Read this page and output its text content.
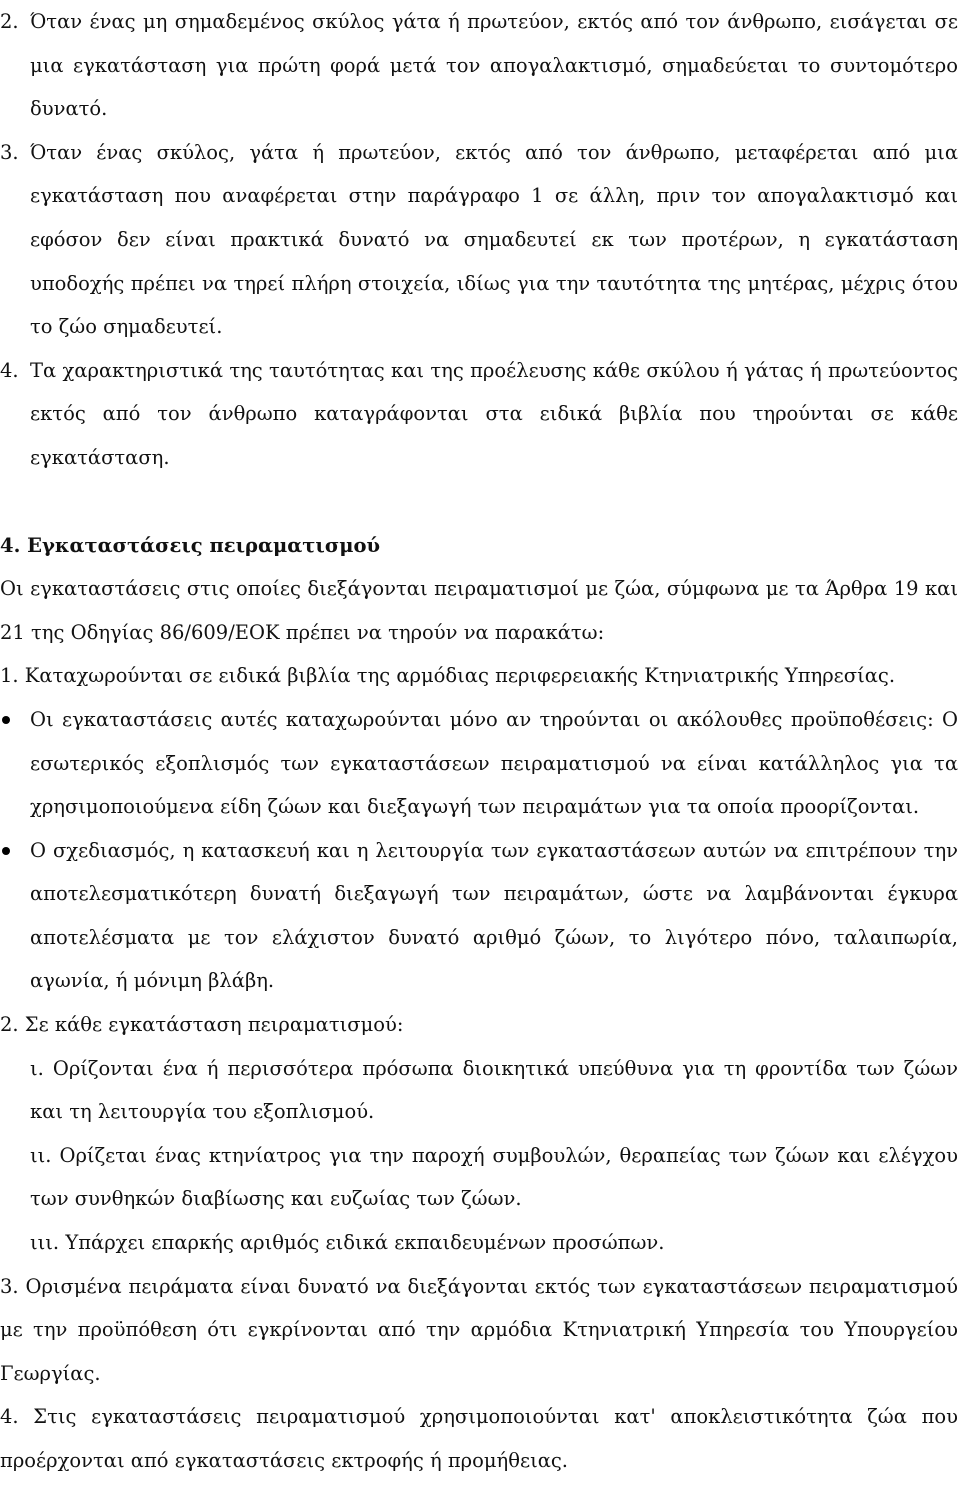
2. Όταν ένας μη σημαδεμένος σκύλος γάτα ή πρωτεύον, εκτός από τον άνθρωπο, εισάγεται σε μια εγκατάσταση για πρώτη φορά μετά τον απογαλακτισμό, σημαδεύεται το συντομότερο δυνατό.
3. Όταν ένας σκύλος, γάτα ή πρωτεύον, εκτός από τον άνθρωπο, μεταφέρεται από μια εγκατάσταση που αναφέρεται στην παράγραφο 1 σε άλλη, πριν τον απογαλακτισμό και εφόσον δεν είναι πρακτικά δυνατό να σημαδευτεί εκ των προτέρων, η εγκατάσταση υποδοχής πρέπει να τηρεί πλήρη στοιχεία, ιδίως για την ταυτότητα της μητέρας, μέχρις ότου το ζώο σημαδευτεί.
4. Τα χαρακτηριστικά της ταυτότητας και της προέλευσης κάθε σκύλου ή γάτας ή πρωτεύοντος εκτός από τον άνθρωπο καταγράφονται στα ειδικά βιβλία που τηρούνται σε κάθε εγκατάσταση.

4. Εγκαταστάσεις πειραματισμού

Οι εγκαταστάσεις στις οποίες διεξάγονται πειραματισμοί με ζώα, σύμφωνα με τα Άρθρα 19 και 21 της Οδηγίας 86/609/ΕΟΚ πρέπει να τηρούν να παρακάτω:

1. Καταχωρούνται σε ειδικά βιβλία της αρμόδιας περιφερειακής Κτηνιατρικής Υπηρεσίας.

Οι εγκαταστάσεις αυτές καταχωρούνται μόνο αν τηρούνται οι ακόλουθες προϋποθέσεις: Ο εσωτερικός εξοπλισμός των εγκαταστάσεων πειραματισμού να είναι κατάλληλος για τα χρησιμοποιούμενα είδη ζώων και διεξαγωγή των πειραμάτων για τα οποία προορίζονται.
Ο σχεδιασμός, η κατασκευή και η λειτουργία των εγκαταστάσεων αυτών να επιτρέπουν την αποτελεσματικότερη δυνατή διεξαγωγή των πειραμάτων, ώστε να λαμβάνονται έγκυρα αποτελέσματα με τον ελάχιστον δυνατό αριθμό ζώων, το λιγότερο πόνο, ταλαιπωρία, αγωνία, ή μόνιμη βλάβη.

2. Σε κάθε εγκατάσταση πειραματισμού:

ι. Ορίζονται ένα ή περισσότερα πρόσωπα διοικητικά υπεύθυνα για τη φροντίδα των ζώων και τη λειτουργία του εξοπλισμού.

ιι. Ορίζεται ένας κτηνίατρος για την παροχή συμβουλών, θεραπείας των ζώων και ελέγχου των συνθηκών διαβίωσης και ευζωίας των ζώων.

ιιι. Υπάρχει επαρκής αριθμός ειδικά εκπαιδευμένων προσώπων.

3. Ορισμένα πειράματα είναι δυνατό να διεξάγονται εκτός των εγκαταστάσεων πειραματισμού με την προϋπόθεση ότι εγκρίνονται από την αρμόδια Κτηνιατρική Υπηρεσία του Υπουργείου Γεωργίας.

4. Στις εγκαταστάσεις πειραματισμού χρησιμοποιούνται κατ' αποκλειστικότητα ζώα που προέρχονται από εγκαταστάσεις εκτροφής ή προμήθειας.
